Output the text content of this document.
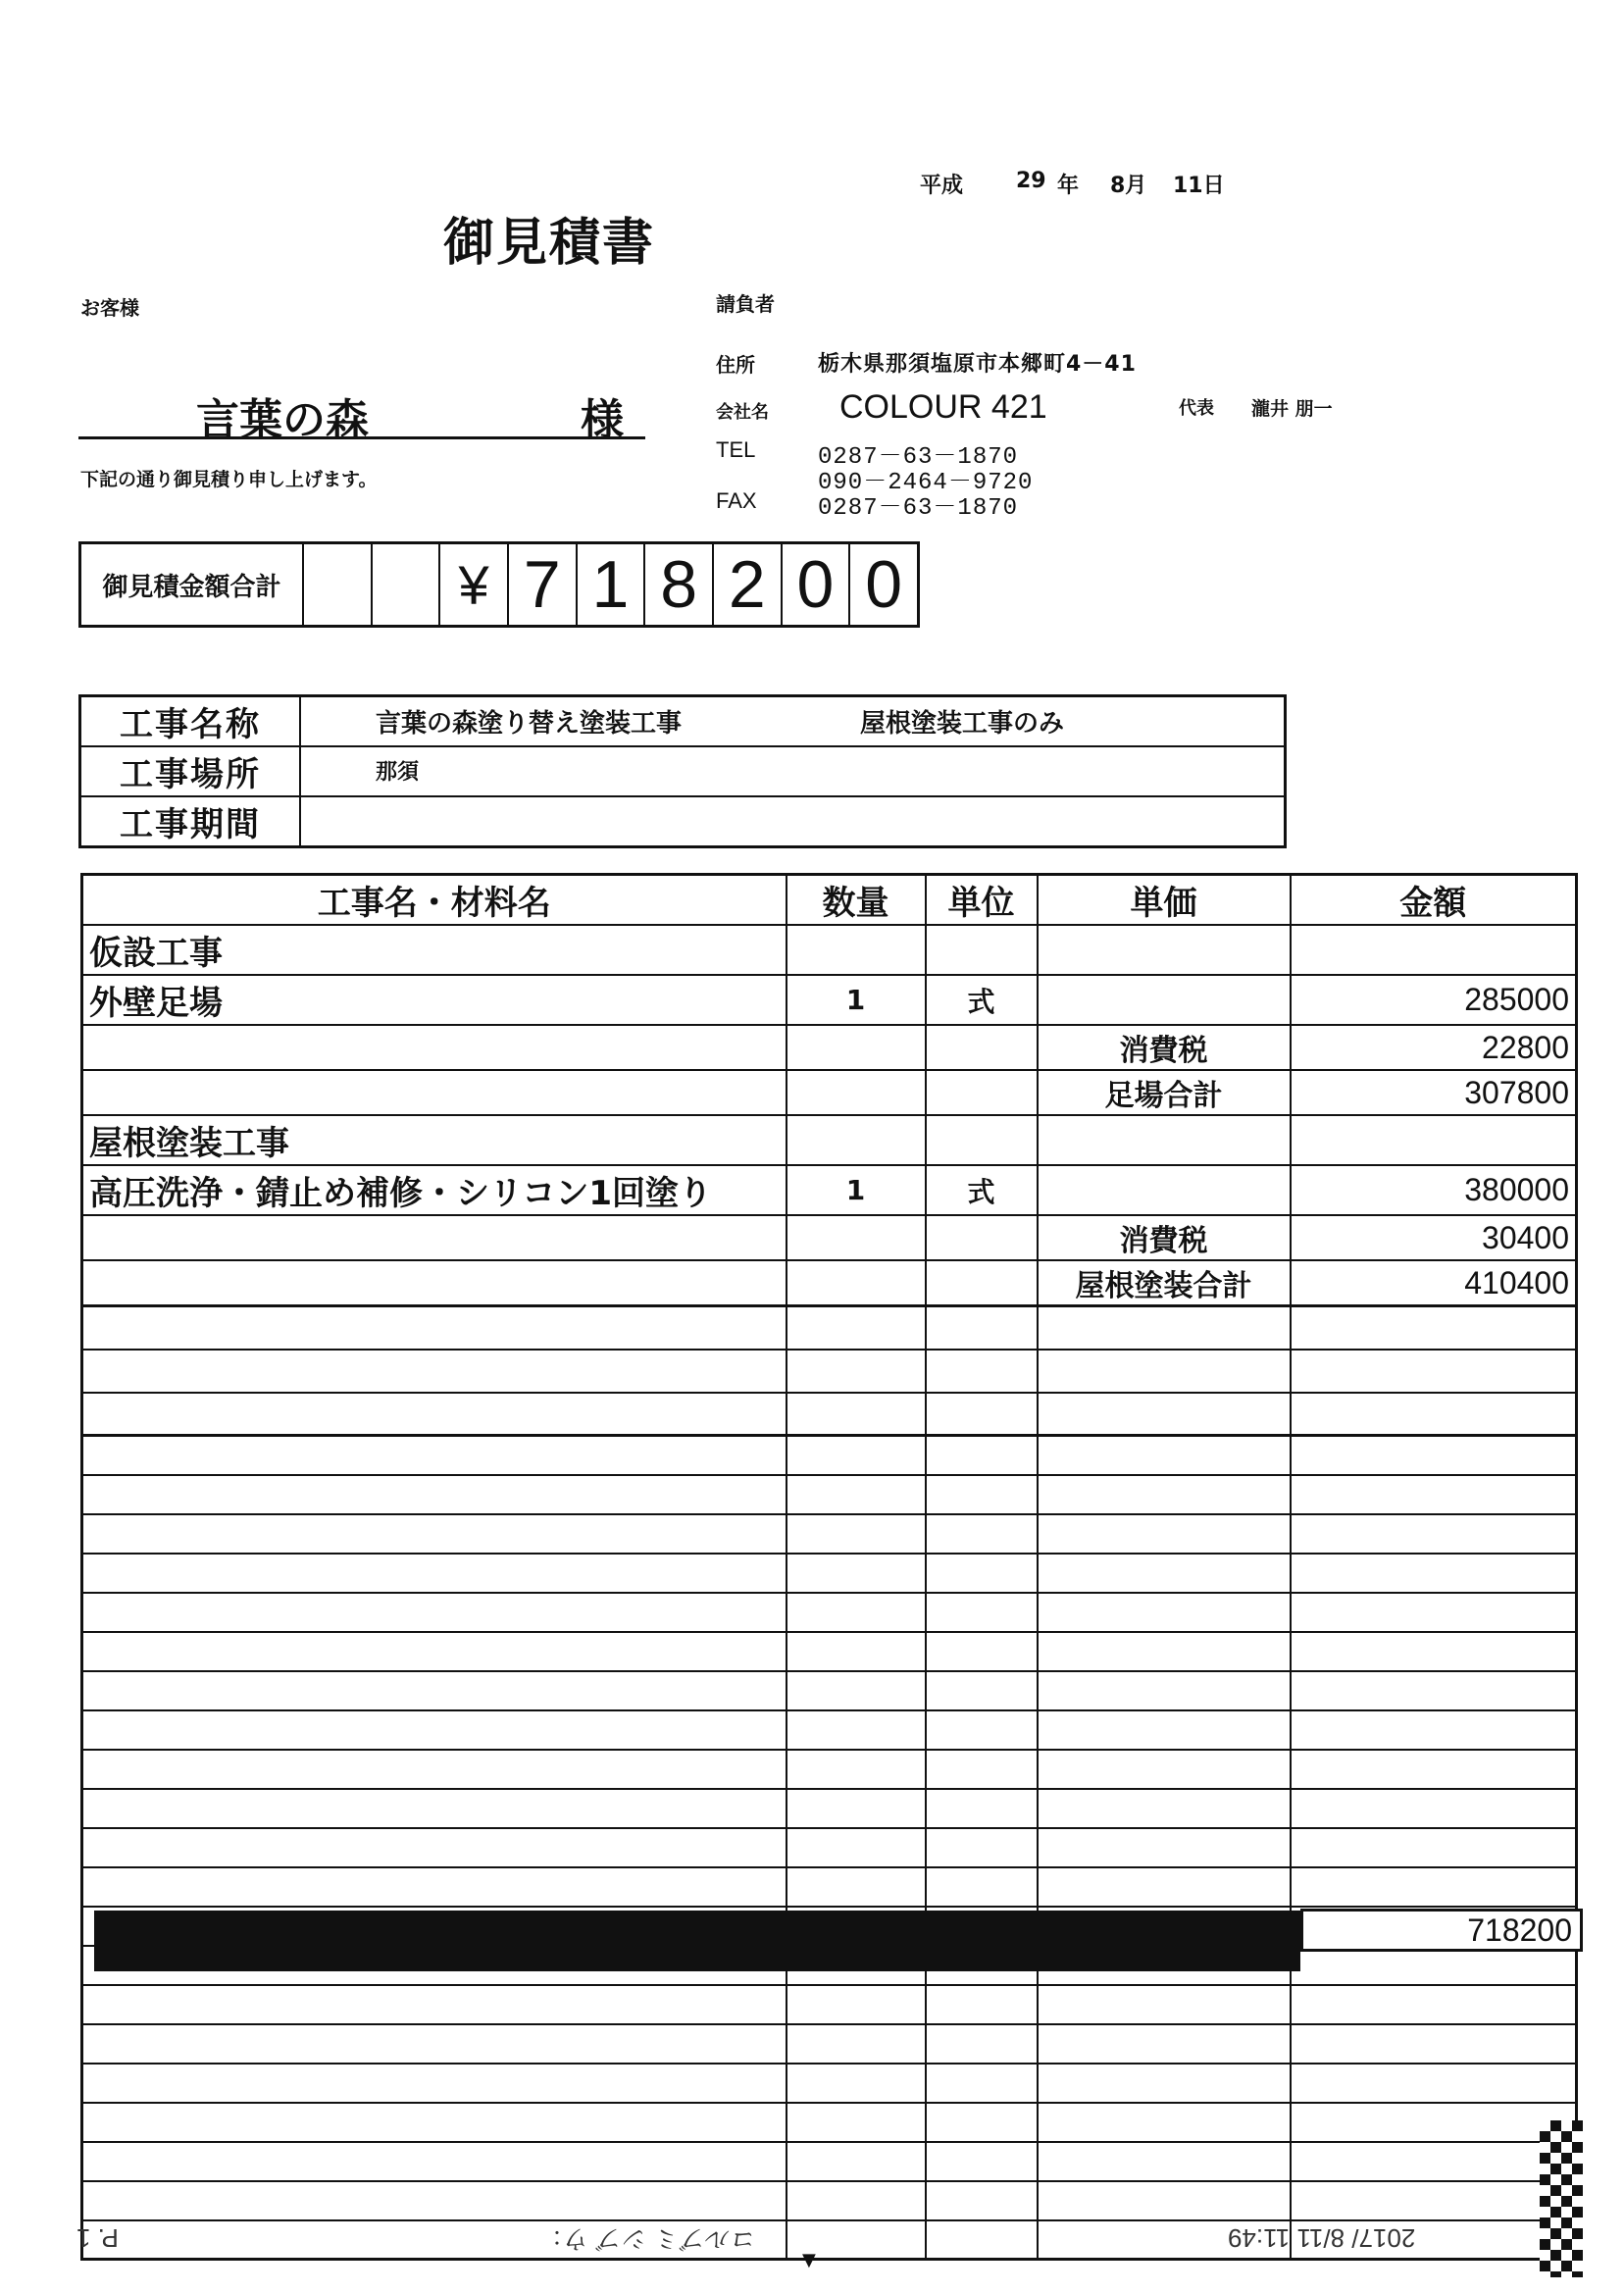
平成 29 年 8月 11日
御見積書
お客様
言葉の森	様
下記の通り御見積り申し上げます。
請負者
住所	栃木県那須塩原市本郷町4－41
会社名 COLOUR 421	代表 瀧井 朋一
TEL	0287－63－1870
090－2464－9720
FAX	0287－63－1870
御見積金額合計	¥ 7 1 8 2 0 0
工事名称	言葉の森塗り替え塗装工事 屋根塗装工事のみ

工事場所	那須

工事期間	
工事名・材料名	数量	単位	単価	金額
仮設工事				
外壁足場	1	式		285000
			消費税	22800
			足場合計	307800
屋根塗装工事				
高圧洗浄・錆止め補修・シリコン1回塗り	1	式		380000
			消費税	30400
			屋根塗装合計	410400

718200
P. 1	コルブミ シブ ウ：
▼
2017/ 8/11 11:49
